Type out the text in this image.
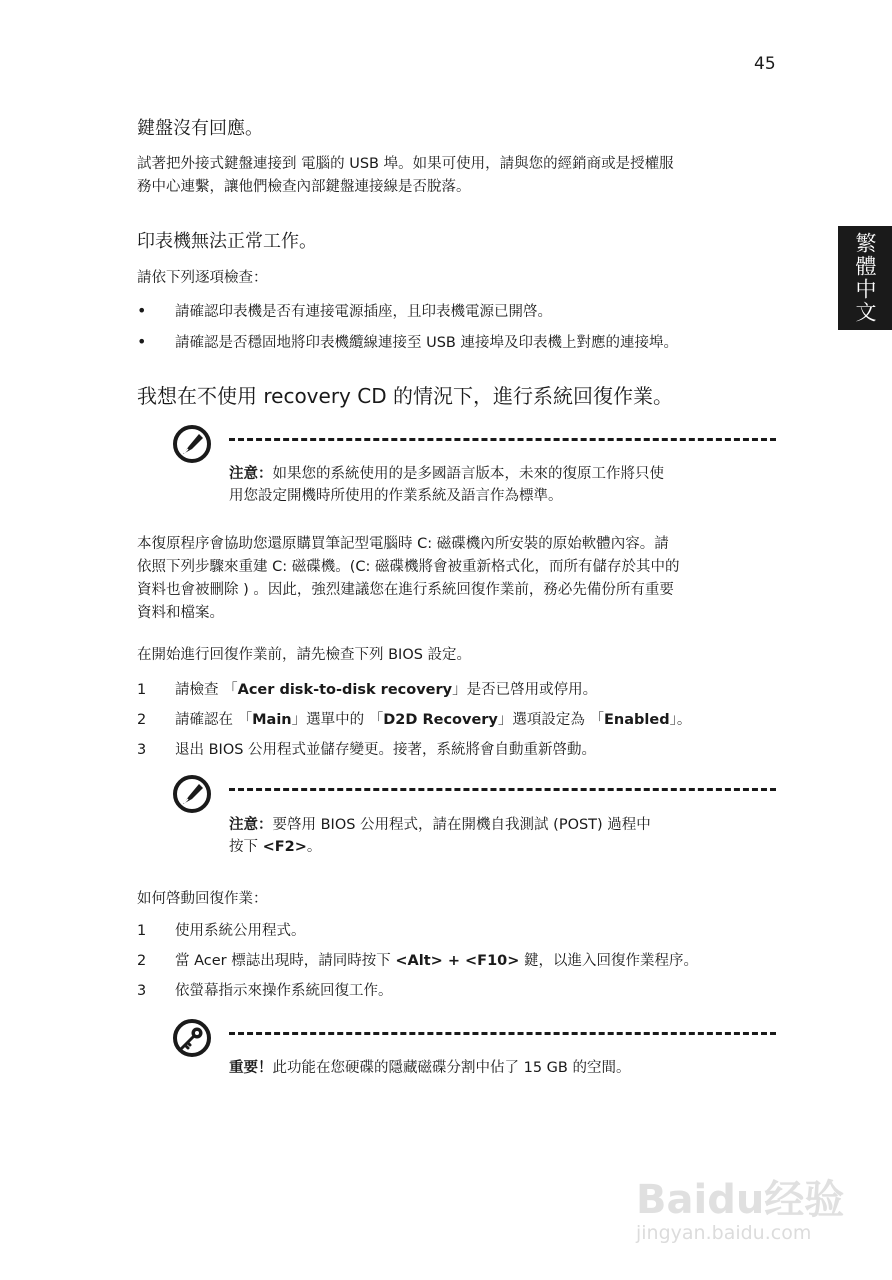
45
繁體中文
鍵盤沒有回應。
試著把外接式鍵盤連接到 電腦的 USB 埠。如果可使用，請與您的經銷商或是授權服
務中心連繫，讓他們檢查內部鍵盤連接線是否脫落。
印表機無法正常工作。
請依下列逐項檢查：
• 請確認印表機是否有連接電源插座，且印表機電源已開啓。
• 請確認是否穩固地將印表機纜線連接至 USB 連接埠及印表機上對應的連接埠。
我想在不使用 recovery CD 的情況下，進行系統回復作業。
注意：如果您的系統使用的是多國語言版本，未來的復原工作將只使
用您設定開機時所使用的作業系統及語言作為標準。
本復原程序會協助您還原購買筆記型電腦時 C: 磁碟機內所安裝的原始軟體內容。請
依照下列步驟來重建 C: 磁碟機。(C: 磁碟機將會被重新格式化，而所有儲存於其中的
資料也會被刪除 ) 。因此，強烈建議您在進行系統回復作業前，務必先備份所有重要
資料和檔案。
在開始進行回復作業前，請先檢查下列 BIOS 設定。
1 請檢查 「Acer disk-to-disk recovery」是否已啓用或停用。
2 請確認在 「Main」選單中的 「D2D Recovery」選項設定為 「Enabled」。
3 退出 BIOS 公用程式並儲存變更。接著，系統將會自動重新啓動。
注意：要啓用 BIOS 公用程式，請在開機自我測試 (POST) 過程中
按下 <F2>。
如何啓動回復作業：
1 使用系統公用程式。
2 當 Acer 標誌出現時，請同時按下 <Alt> + <F10> 鍵，以進入回復作業程序。
3 依螢幕指示來操作系統回復工作。
重要！此功能在您硬碟的隱藏磁碟分割中佔了 15 GB 的空間。
Baidu经验
jingyan.baidu.com
